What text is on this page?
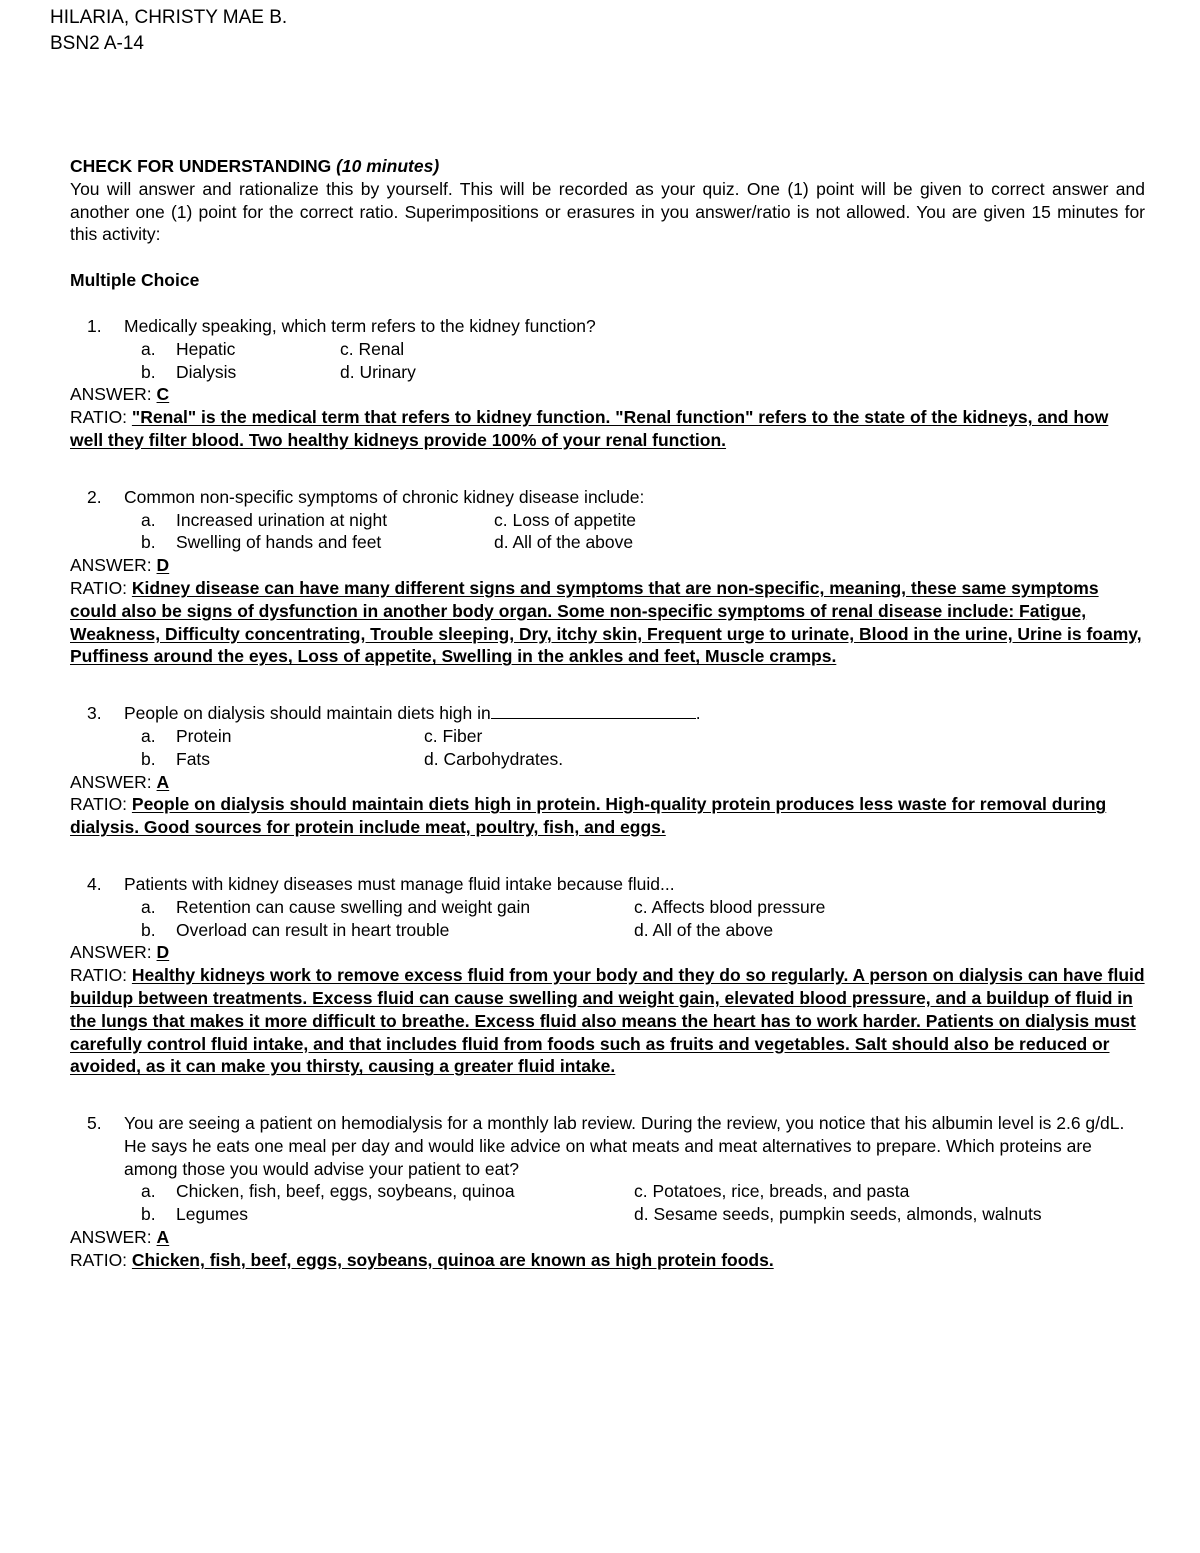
HILARIA, CHRISTY MAE B.
BSN2 A-14

CHECK FOR UNDERSTANDING (10 minutes)

You will answer and rationalize this by yourself. This will be recorded as your quiz. One (1) point will be given to correct answer and another one (1) point for the correct ratio. Superimpositions or erasures in you answer/ratio is not allowed. You are given 15 minutes for this activity:

Multiple Choice

1.	Medically speaking, which term refers to the kidney function?
a.	Hepatic	c. Renal
b.	Dialysis	d. Urinary
ANSWER: C

RATIO: "Renal" is the medical term that refers to kidney function. "Renal function" refers to the state of the kidneys, and how well they filter blood. Two healthy kidneys provide 100% of your renal function.

2.	Common non-specific symptoms of chronic kidney disease include:
a.	Increased urination at night	c. Loss of appetite
b.	Swelling of hands and feet	d. All of the above
ANSWER: D

RATIO: Kidney disease can have many different signs and symptoms that are non-specific, meaning, these same symptoms could also be signs of dysfunction in another body organ. Some non-specific symptoms of renal disease include: Fatigue, Weakness, Difficulty concentrating, Trouble sleeping, Dry, itchy skin, Frequent urge to urinate, Blood in the urine, Urine is foamy, Puffiness around the eyes, Loss of appetite, Swelling in the ankles and feet, Muscle cramps.

3.	People on dialysis should maintain diets high in	.
a.	Protein	c. Fiber
b.	Fats	d. Carbohydrates.
ANSWER: A

RATIO: People on dialysis should maintain diets high in protein. High-quality protein produces less waste for removal during dialysis. Good sources for protein include meat, poultry, fish, and eggs.

4.	Patients with kidney diseases must manage fluid intake because fluid...
a.	Retention can cause swelling and weight gain	c. Affects blood pressure
b.	Overload can result in heart trouble	d. All of the above
ANSWER: D

RATIO: Healthy kidneys work to remove excess fluid from your body and they do so regularly. A person on dialysis can have fluid buildup between treatments. Excess fluid can cause swelling and weight gain, elevated blood pressure, and a buildup of fluid in the lungs that makes it more difficult to breathe. Excess fluid also means the heart has to work harder. Patients on dialysis must carefully control fluid intake, and that includes fluid from foods such as fruits and vegetables. Salt should also be reduced or avoided, as it can make you thirsty, causing a greater fluid intake.

5.	You are seeing a patient on hemodialysis for a monthly lab review. During the review, you notice that his albumin level is 2.6 g/dL. He says he eats one meal per day and would like advice on what meats and meat alternatives to prepare. Which proteins are among those you would advise your patient to eat?
a.	Chicken, fish, beef, eggs, soybeans, quinoa	c. Potatoes, rice, breads, and pasta
b.	Legumes	d. Sesame seeds, pumpkin seeds, almonds, walnuts
ANSWER: A

RATIO: Chicken, fish, beef, eggs, soybeans, quinoa are known as high protein foods.
